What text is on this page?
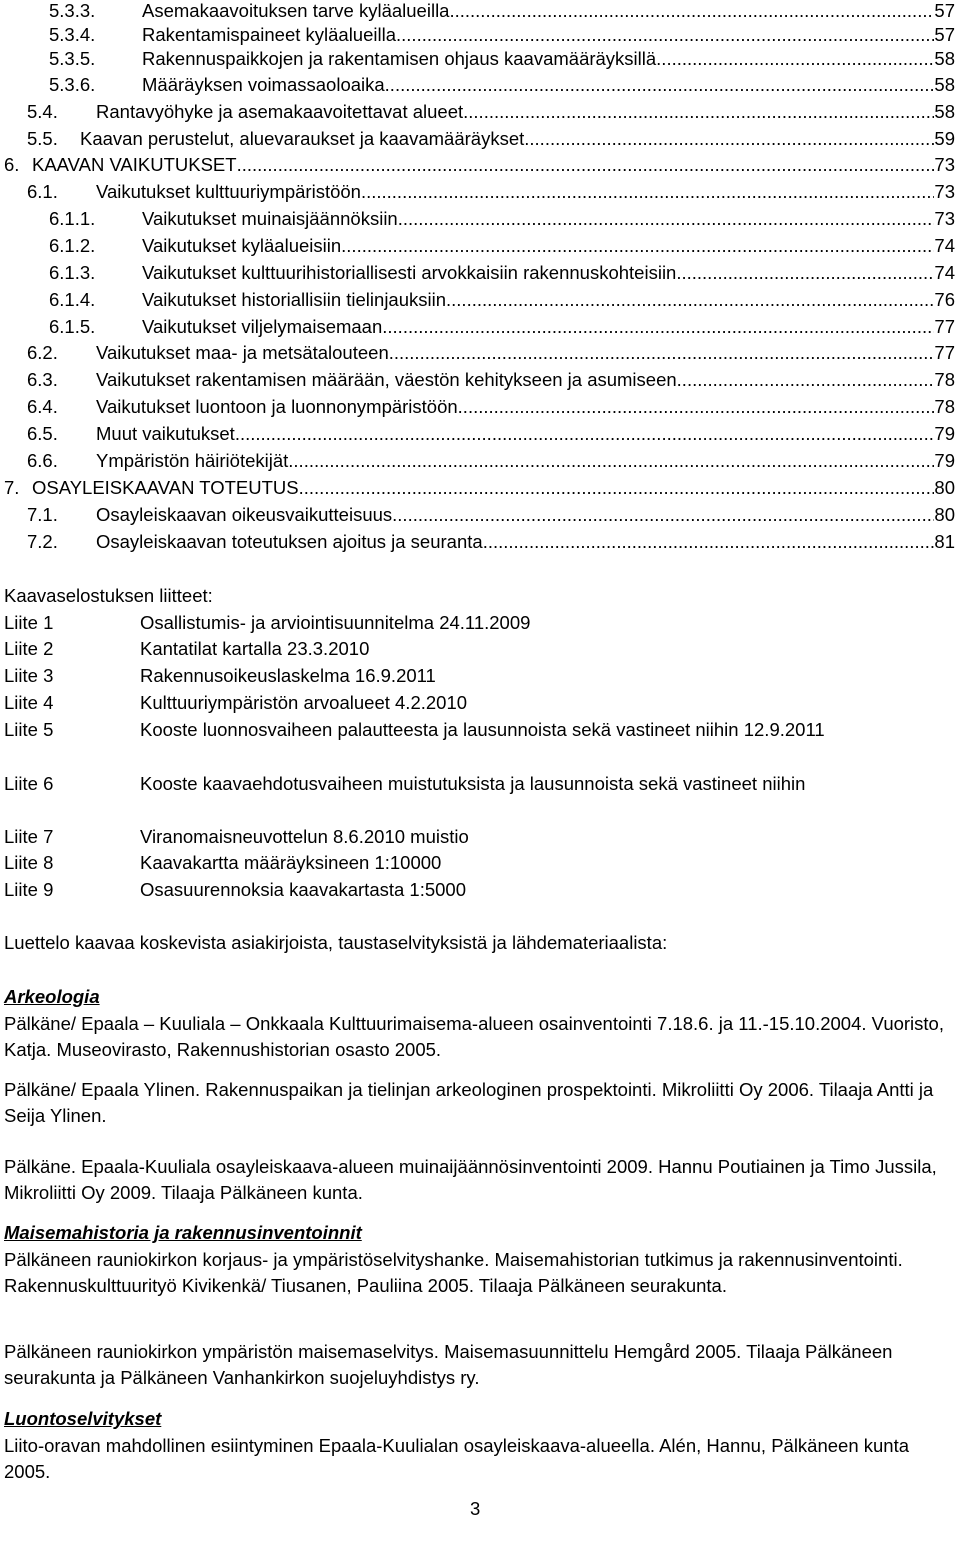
5.3.3.	Asemakaavoituksen tarve kyläalueilla .....	57
5.3.4.	Rakentamispaineet kyläalueilla .....	57
5.3.5.	Rakennuspaikkojen ja rakentamisen ohjaus kaavamääräyksillä .....	58
5.3.6.	Määräyksen voimassaoloaika .....	58
5.4.	Rantavyöhyke ja asemakaavoitettavat alueet .....	58
5.5.	Kaavan perustelut, aluevaraukset ja kaavamääräykset .....	59
6. KAAVAN VAIKUTUKSET .....	73
6.1.	Vaikutukset kulttuuriympäristöön .....	73
6.1.1.	Vaikutukset muinaisjäännöksiin .....	73
6.1.2.	Vaikutukset kyläalueisiin .....	74
6.1.3.	Vaikutukset kulttuurihistoriallisesti arvokkaisiin rakennuskohteisiin .....	74
6.1.4.	Vaikutukset historiallisiin tielinjauksiin .....	76
6.1.5.	Vaikutukset viljelymaisemaan .....	77
6.2.	Vaikutukset maa- ja metsätalouteen .....	77
6.3.	Vaikutukset rakentamisen määrään, väestön kehitykseen ja asumiseen .....	78
6.4.	Vaikutukset luontoon ja luonnonympäristöön .....	78
6.5.	Muut vaikutukset .....	79
6.6.	Ympäristön häiriötekijät .....	79
7. OSAYLEISKAAVAN TOTEUTUS .....	80
7.1.	Osayleiskaavan oikeusvaikutteisuus .....	80
7.2.	Osayleiskaavan toteutuksen ajoitus ja seuranta .....	81
Kaavaselostuksen liitteet:
Liite 1	Osallistumis- ja arviointisuunnitelma 24.11.2009
Liite 2	Kantatilat kartalla 23.3.2010
Liite 3	Rakennusoikeuslaskelma 16.9.2011
Liite 4	Kulttuuriympäristön arvoalueet 4.2.2010
Liite 5	Kooste luonnosvaiheen palautteesta ja lausunnoista sekä vastineet niihin 12.9.2011
Liite 6	Kooste kaavaehdotusvaiheen muistutuksista ja lausunnoista sekä vastineet niihin
Liite 7	Viranomaisneuvottelun 8.6.2010 muistio
Liite 8	Kaavakartta määräyksineen 1:10000
Liite 9	Osasuurennoksia kaavakartasta 1:5000
Luettelo kaavaa koskevista asiakirjoista, taustaselvityksistä ja lähdemateriaalista:
Arkeologia
Pälkäne/ Epaala – Kuuliala – Onkkaala Kulttuurimaisema-alueen osainventointi 7.18.6. ja 11.-15.10.2004. Vuoristo, Katja. Museovirasto, Rakennushistorian osasto 2005.
Pälkäne/ Epaala Ylinen. Rakennuspaikan ja tielinjan arkeologinen prospektointi. Mikroliitti Oy 2006. Tilaaja Antti ja Seija Ylinen.
Pälkäne. Epaala-Kuuliala osayleiskaava-alueen muinaijäännösinventointi 2009. Hannu Poutiainen ja Timo Jussila, Mikroliitti Oy 2009. Tilaaja Pälkäneen kunta.
Maisemahistoria ja rakennusinventoinnit
Pälkäneen rauniokirkon korjaus- ja ympäristöselvityshanke. Maisemahistorian tutkimus ja rakennusinventointi. Rakennuskulttuurityö Kivikenkä/ Tiusanen, Pauliina 2005. Tilaaja Pälkäneen seurakunta.
Pälkäneen rauniokirkon ympäristön maisemaselvitys. Maisemasuunnittelu Hemgård 2005. Tilaaja Pälkäneen seurakunta ja Pälkäneen Vanhankirkon suojeluyhdistys ry.
Luontoselvitykset
Liito-oravan mahdollinen esiintyminen Epaala-Kuulialan osayleiskaava-alueella. Alén, Hannu, Pälkäneen kunta 2005.
3
